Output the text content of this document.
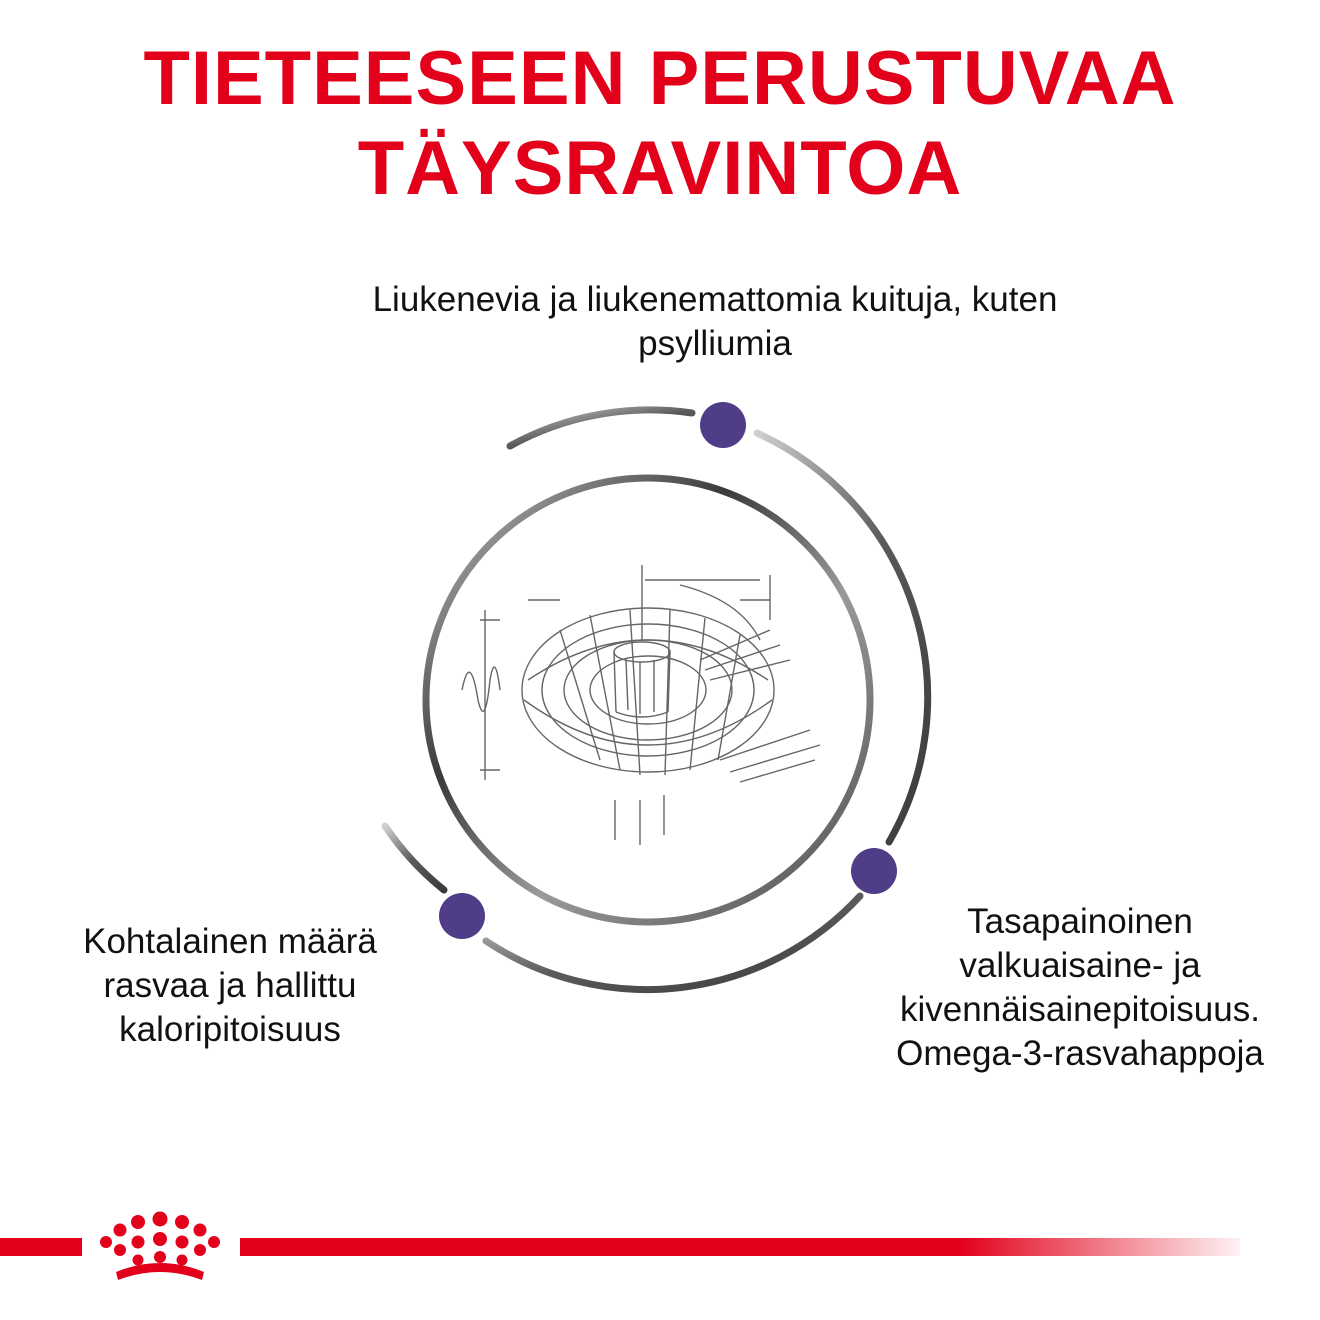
TIETEESEEN PERUSTUVAA
TÄYSRAVINTOA
Liukenevia ja liukenemattomia kuituja, kuten
psylliumia
Kohtalainen määrä
rasvaa ja hallittu
kaloripitoisuus
Tasapainoinen
valkuaisaine- ja
kivennäisainepitoisuus.
Omega-3-rasvahappoja
